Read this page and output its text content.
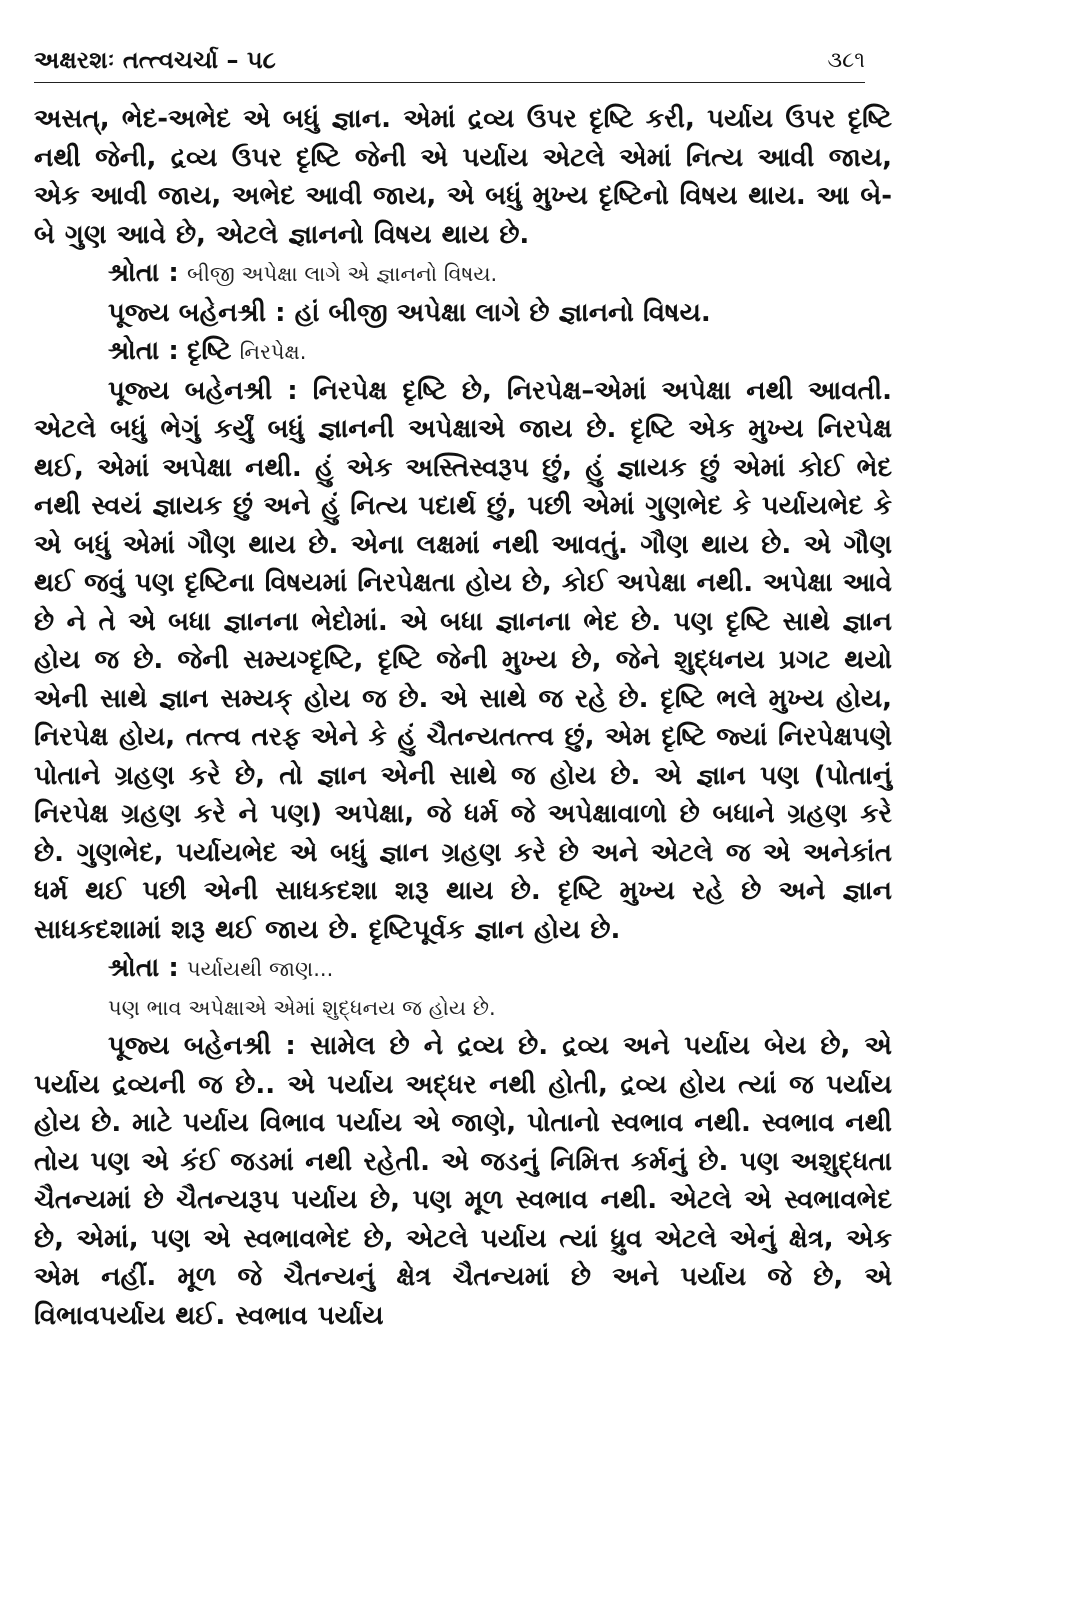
અક્ષરશઃ તત્ત્વચર્ચા – ૫૮	૩૮૧

અસત્, ભેદ-અભેદ એ બધું જ્ઞાન. એમાં દ્રવ્ય ઉપર દૃષ્ટિ કરી, પર્યાય ઉપર દૃષ્ટિ નથી જેની, દ્રવ્ય ઉપર દૃષ્ટિ જેની એ પર્યાય એટલે એમાં નિત્ય આવી જાય, એક આવી જાય, અભેદ આવી જાય, એ બધું મુખ્ય દૃષ્ટિનો વિષય થાય. આ બે-બે ગુણ આવે છે, એટલે જ્ઞાનનો વિષય થાય છે.

શ્રોતા : બીજી અપેક્ષા લાગે એ જ્ઞાનનો વિષય.

પૂજ્ય બહેનશ્રી : હાં બીજી અપેક્ષા લાગે છે જ્ઞાનનો વિષય.

શ્રોતા : દૃષ્ટિ નિરપેક્ષ.

પૂજ્ય બહેનશ્રી : નિરપેક્ષ દૃષ્ટિ છે, નિરપેક્ષ–એમાં અપેક્ષા નથી આવતી. એટલે બધું ભેગું કર્યું બધું જ્ઞાનની અપેક્ષાએ જાય છે. દૃષ્ટિ એક મુખ્ય નિરપેક્ષ થઈ, એમાં અપેક્ષા નથી. હું એક અસ્તિસ્વરૂપ છું, હું જ્ઞાયક છું એમાં કોઈ ભેદ નથી સ્વયં જ્ઞાયક છું અને હું નિત્ય પદાર્થ છું, પછી એમાં ગુણભેદ કે પર્યાયભેદ કે એ બધું એમાં ગૌણ થાય છે. એના લક્ષમાં નથી આવતું. ગૌણ થાય છે. એ ગૌણ થઈ જવું પણ દૃષ્ટિના વિષયમાં નિરપેક્ષતા હોય છે, કોઈ અપેક્ષા નથી. અપેક્ષા આવે છે ને તે એ બધા જ્ઞાનના ભેદોમાં. એ બધા જ્ઞાનના ભેદ છે. પણ દૃષ્ટિ સાથે જ્ઞાન હોય જ છે. જેની સમ્યગ્દૃષ્ટિ, દૃષ્ટિ જેની મુખ્ય છે, જેને શુદ્ધનય પ્રગટ થયો એની સાથે જ્ઞાન સમ્યક્ હોય જ છે. એ સાથે જ રહે છે. દૃષ્ટિ ભલે મુખ્ય હોય, નિરપેક્ષ હોય, તત્ત્વ તરફ એને કે હું ચૈતન્યતત્ત્વ છું, એમ દૃષ્ટિ જ્યાં નિરપેક્ષપણે પોતાને ગ્રહણ કરે છે, તો જ્ઞાન એની સાથે જ હોય છે. એ જ્ઞાન પણ (પોતાનું નિરપેક્ષ ગ્રહણ કરે ને પણ) અપેક્ષા, જે ધર્મ જે અપેક્ષાવાળો છે બધાને ગ્રહણ કરે છે. ગુણભેદ, પર્યાયભેદ એ બધું જ્ઞાન ગ્રહણ કરે છે અને એટલે જ એ અનેકાંત ધર્મ થઈ પછી એની સાધકદશા શરૂ થાય છે. દૃષ્ટિ મુખ્ય રહે છે અને જ્ઞાન સાધકદશામાં શરૂ થઈ જાય છે. દૃષ્ટિપૂર્વક જ્ઞાન હોય છે.

શ્રોતા : પર્યાયથી જાણ...

પણ ભાવ અપેક્ષાએ એમાં શુદ્ધનય જ હોય છે.

પૂજ્ય બહેનશ્રી : સામેલ છે ને દ્રવ્ય છે. દ્રવ્ય અને પર્યાય બેય છે, એ પર્યાય દ્રવ્યની જ છે.. એ પર્યાય અદ્ધર નથી હોતી, દ્રવ્ય હોય ત્યાં જ પર્યાય હોય છે. માટે પર્યાય વિભાવ પર્યાય એ જાણે, પોતાનો સ્વભાવ નથી. સ્વભાવ નથી તોય પણ એ કંઈ જડમાં નથી રહેતી. એ જડનું નિમિત્ત કર્મનું છે. પણ અશુદ્ધતા ચૈતન્યમાં છે ચૈતન્યરૂપ પર્યાય છે, પણ મૂળ સ્વભાવ નથી. એટલે એ સ્વભાવભેદ છે, એમાં, પણ એ સ્વભાવભેદ છે, એટલે પર્યાય ત્યાં ધ્રુવ એટલે એનું ક્ષેત્ર, એક એમ નહીં. મૂળ જે ચૈતન્યનું ક્ષેત્ર ચૈતન્યમાં છે અને પર્યાય જે છે, એ વિભાવપર્યાય થઈ. સ્વભાવ પર્યાય
